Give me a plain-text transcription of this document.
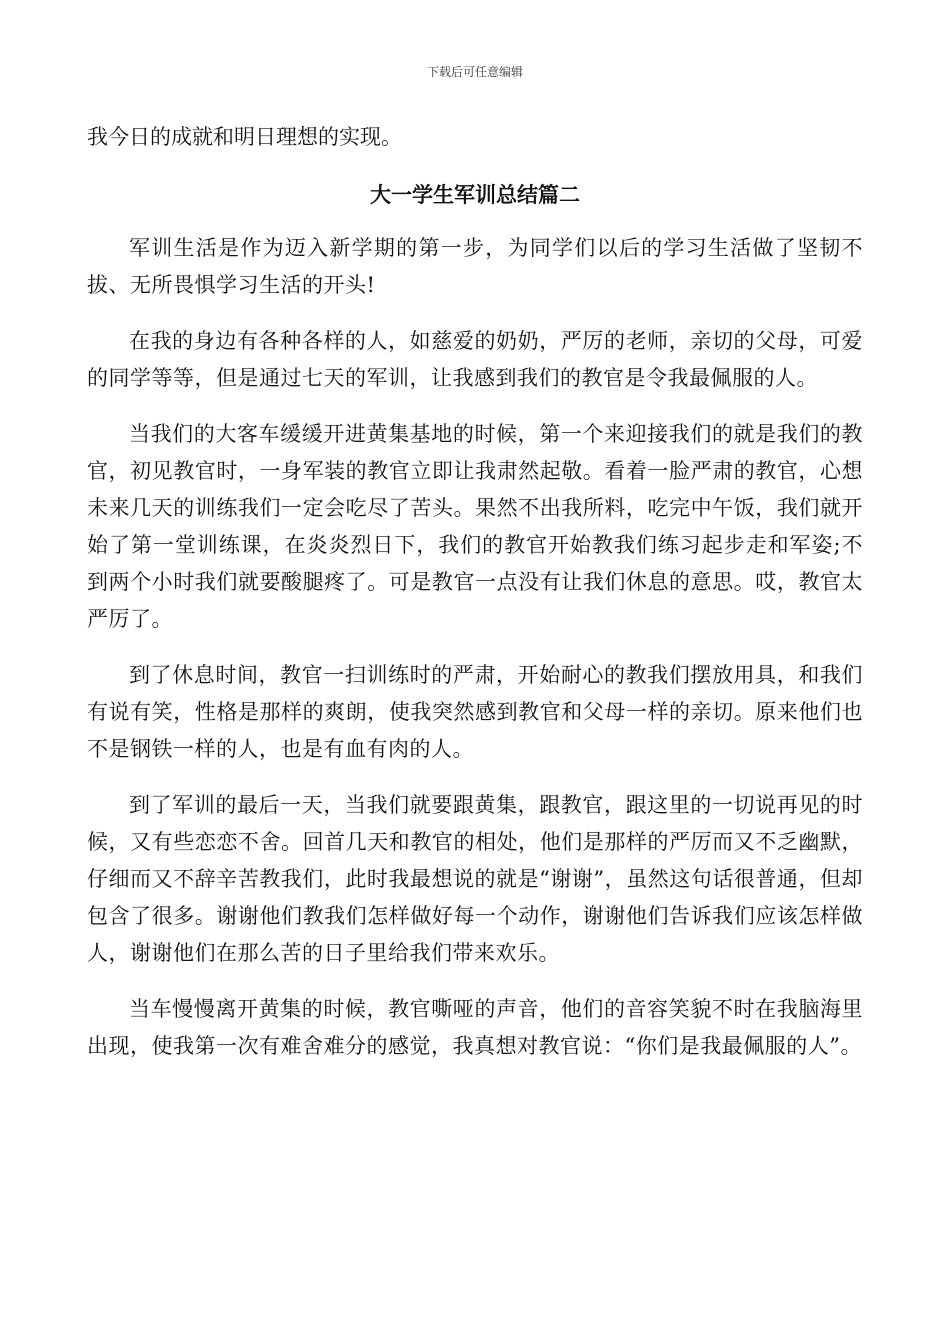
下载后可任意编辑

我今日的成就和明日理想的实现。

大一学生军训总结篇二

军训生活是作为迈入新学期的第一步，为同学们以后的学习生活做了坚韧不拔、无所畏惧学习生活的开头!

在我的身边有各种各样的人，如慈爱的奶奶，严厉的老师，亲切的父母，可爱的同学等等，但是通过七天的军训，让我感到我们的教官是令我最佩服的人。

当我们的大客车缓缓开进黄集基地的时候，第一个来迎接我们的就是我们的教官，初见教官时，一身军装的教官立即让我肃然起敬。看着一脸严肃的教官，心想未来几天的训练我们一定会吃尽了苦头。果然不出我所料，吃完中午饭，我们就开始了第一堂训练课，在炎炎烈日下，我们的教官开始教我们练习起步走和军姿;不到两个小时我们就要酸腿疼了。可是教官一点没有让我们休息的意思。哎，教官太严厉了。

到了休息时间，教官一扫训练时的严肃，开始耐心的教我们摆放用具，和我们有说有笑，性格是那样的爽朗，使我突然感到教官和父母一样的亲切。原来他们也不是钢铁一样的人，也是有血有肉的人。

到了军训的最后一天，当我们就要跟黄集，跟教官，跟这里的一切说再见的时候，又有些恋恋不舍。回首几天和教官的相处，他们是那样的严厉而又不乏幽默，仔细而又不辞辛苦教我们，此时我最想说的就是“谢谢”，虽然这句话很普通，但却包含了很多。谢谢他们教我们怎样做好每一个动作，谢谢他们告诉我们应该怎样做人，谢谢他们在那么苦的日子里给我们带来欢乐。

当车慢慢离开黄集的时候，教官嘶哑的声音，他们的音容笑貌不时在我脑海里出现，使我第一次有难舍难分的感觉，我真想对教官说：“你们是我最佩服的人”。
